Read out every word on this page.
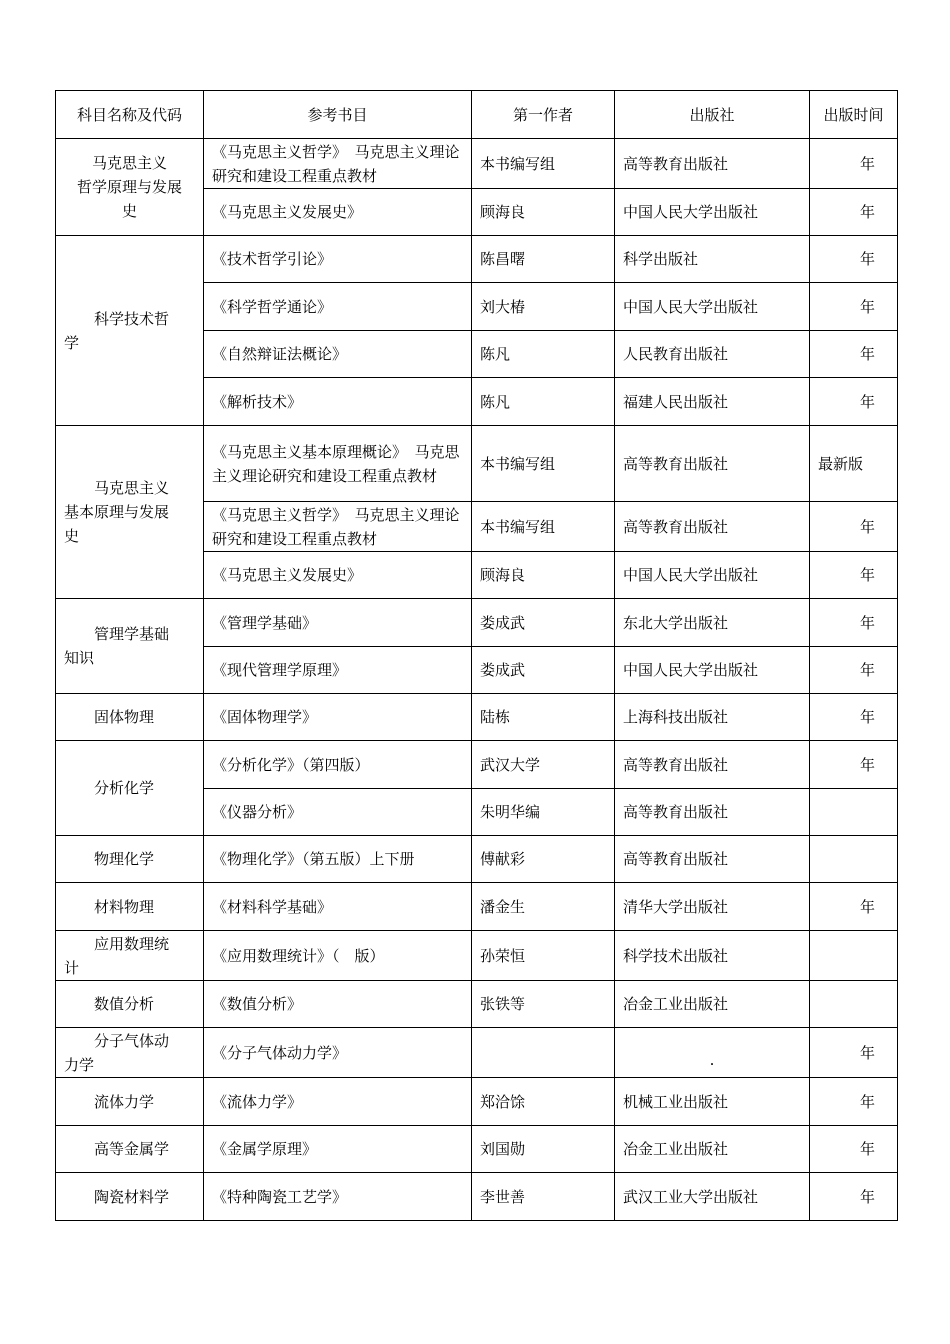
科目名称及代码	参考书目	第一作者	出版社	出版时间

马克思主义
哲学原理与发展
史	《马克思主义哲学》　马克思主义理论研究和建设工程重点教材	本书编写组	高等教育出版社	年
	《马克思主义发展史》	顾海良	中国人民大学出版社	年

科学技术哲
学	《技术哲学引论》	陈昌曙	科学出版社	年
	《科学哲学通论》	刘大椿	中国人民大学出版社	年
	《自然辩证法概论》	陈凡	人民教育出版社	年
	《解析技术》	陈凡	福建人民出版社	年

马克思主义
基本原理与发展
史	《马克思主义基本原理概论》　马克思主义理论研究和建设工程重点教材	本书编写组	高等教育出版社	最新版
	《马克思主义哲学》　马克思主义理论研究和建设工程重点教材	本书编写组	高等教育出版社	年
	《马克思主义发展史》	顾海良	中国人民大学出版社	年

管理学基础
知识	《管理学基础》	娄成武	东北大学出版社	年
	《现代管理学原理》	娄成武	中国人民大学出版社	年

固体物理	《固体物理学》	陆栋	上海科技出版社	年

分析化学	《分析化学》（第四版）	武汉大学	高等教育出版社	年
	《仪器分析》	朱明华编	高等教育出版社	

物理化学	《物理化学》（第五版）上下册	傅献彩	高等教育出版社	

材料物理	《材料科学基础》	潘金生	清华大学出版社	年

应用数理统
计	《应用数理统计》（　版）	孙荣恒	科学技术出版社	

数值分析	《数值分析》	张铁等	冶金工业出版社	

分子气体动
力学	《分子气体动力学》		.	年

流体力学	《流体力学》	郑洽馀	机械工业出版社	年

高等金属学	《金属学原理》	刘国勋	冶金工业出版社	年

陶瓷材料学	《特种陶瓷工艺学》	李世善	武汉工业大学出版社	年
